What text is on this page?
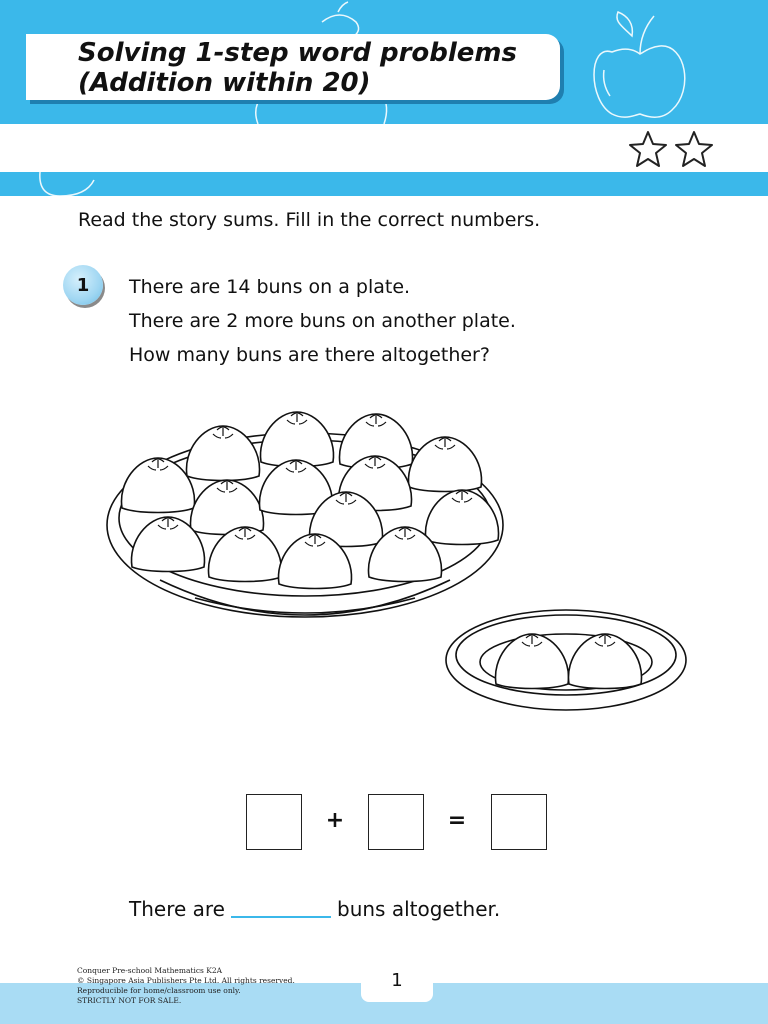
Solving 1-step word problems
(Addition within 20)

Read the story sums. Fill in the correct numbers.

1	There are 14 buns on a plate.

There are 2 more buns on another plate.

How many buns are there altogether?

+	=

There are	buns altogether.

1
Conquer Pre-school Mathematics K2A
© Singapore Asia Publishers Pte Ltd. All rights reserved.
Reproducible for home/classroom use only.
STRICTLY NOT FOR SALE.
